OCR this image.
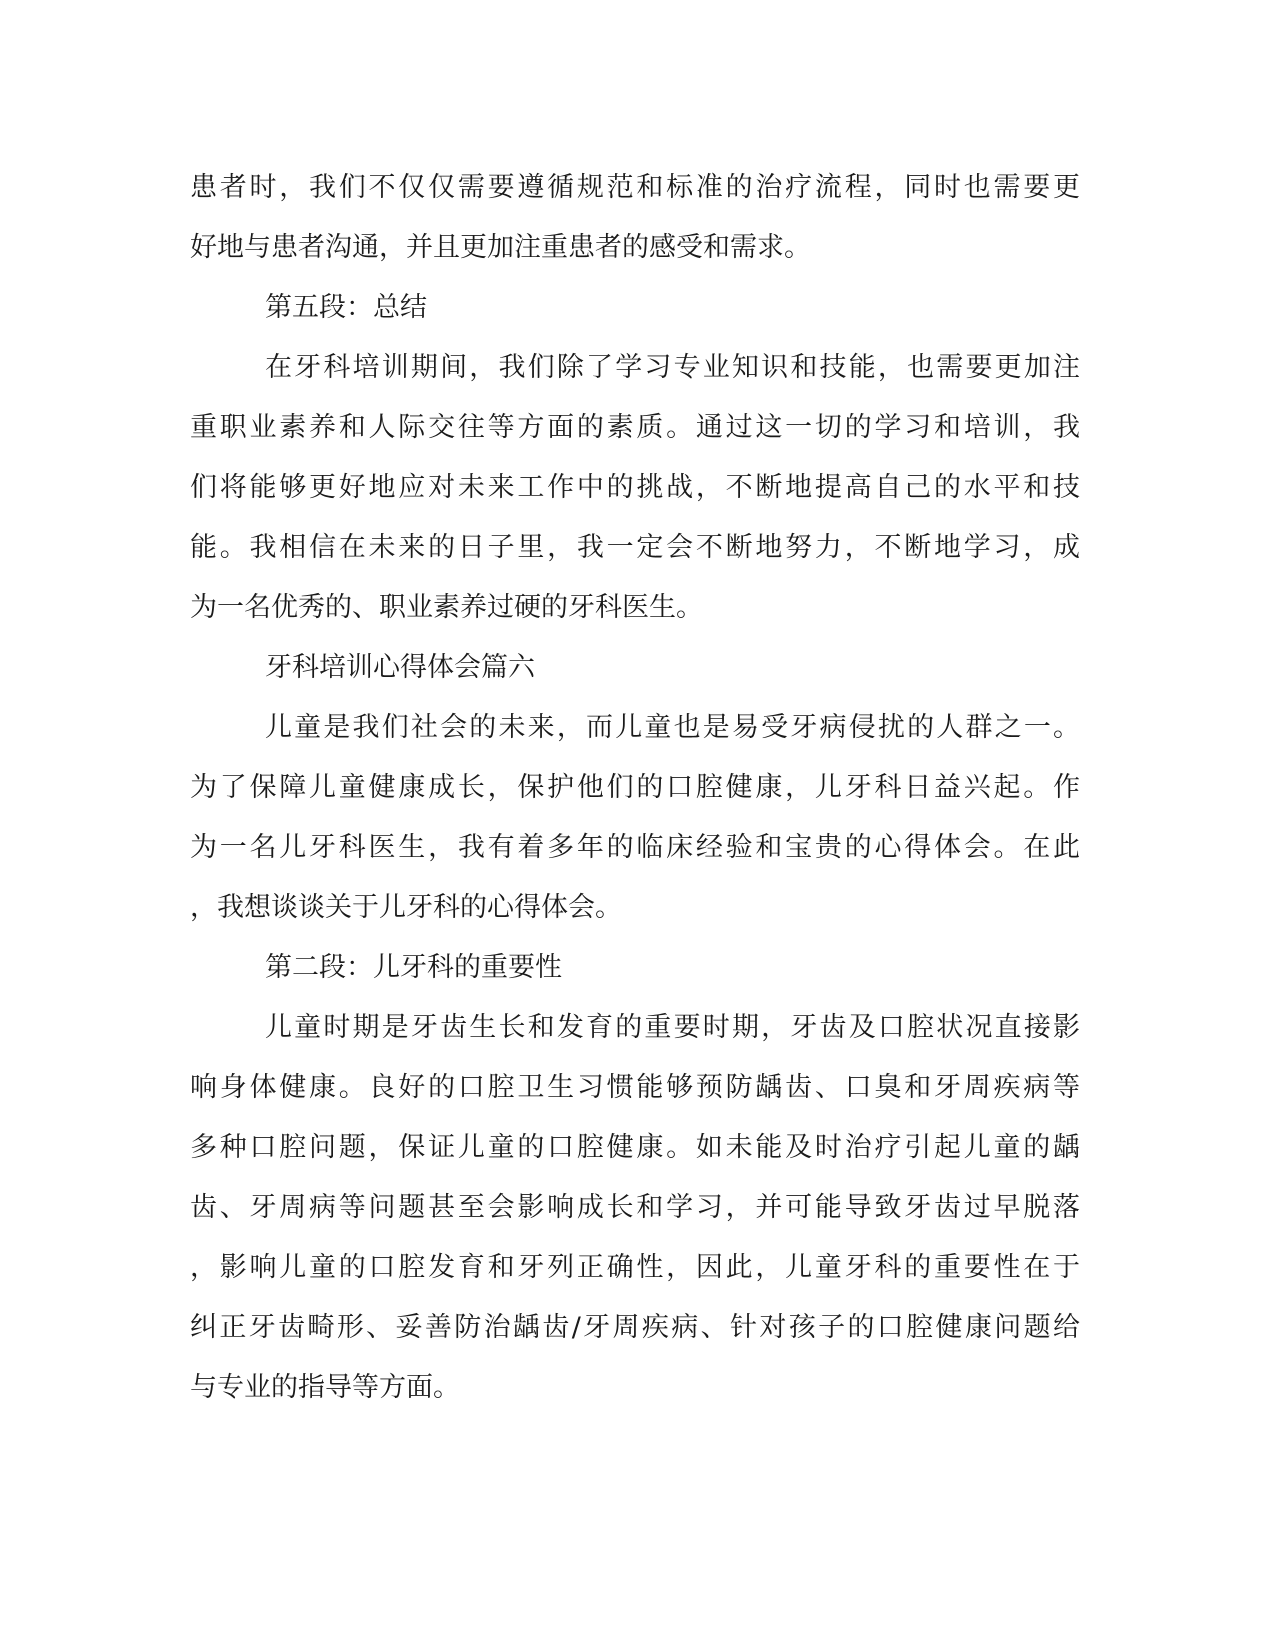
患者时，我们不仅仅需要遵循规范和标准的治疗流程，同时也需要更
好地与患者沟通，并且更加注重患者的感受和需求。
第五段：总结
在牙科培训期间，我们除了学习专业知识和技能，也需要更加注
重职业素养和人际交往等方面的素质。通过这一切的学习和培训，我
们将能够更好地应对未来工作中的挑战，不断地提高自己的水平和技
能。我相信在未来的日子里，我一定会不断地努力，不断地学习，成
为一名优秀的、职业素养过硬的牙科医生。
牙科培训心得体会篇六
儿童是我们社会的未来，而儿童也是易受牙病侵扰的人群之一。
为了保障儿童健康成长，保护他们的口腔健康，儿牙科日益兴起。作
为一名儿牙科医生，我有着多年的临床经验和宝贵的心得体会。在此
，我想谈谈关于儿牙科的心得体会。
第二段：儿牙科的重要性
儿童时期是牙齿生长和发育的重要时期，牙齿及口腔状况直接影
响身体健康。良好的口腔卫生习惯能够预防龋齿、口臭和牙周疾病等
多种口腔问题，保证儿童的口腔健康。如未能及时治疗引起儿童的龋
齿、牙周病等问题甚至会影响成长和学习，并可能导致牙齿过早脱落
，影响儿童的口腔发育和牙列正确性，因此，儿童牙科的重要性在于
纠正牙齿畸形、妥善防治龋齿/牙周疾病、针对孩子的口腔健康问题给
与专业的指导等方面。
